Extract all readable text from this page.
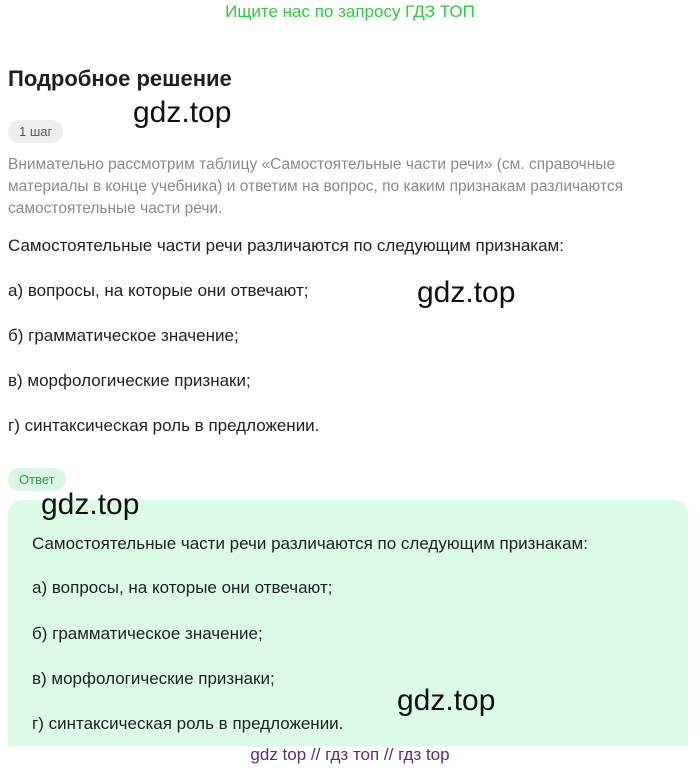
Ищите нас по запросу ГДЗ ТОП
Подробное решение
1 шаг

Внимательно рассмотрим таблицу «Самостоятельные части речи» (см. справочные материалы в конце учебника) и ответим на вопрос, по каким признакам различаются самостоятельные части речи.

Самостоятельные части речи различаются по следующим признакам:

а) вопросы, на которые они отвечают;

б) грамматическое значение;

в) морфологические признаки;

г) синтаксическая роль в предложении.

Ответ

Самостоятельные части речи различаются по следующим признакам:

а) вопросы, на которые они отвечают;

б) грамматическое значение;

в) морфологические признаки;

г) синтаксическая роль в предложении.

gdz.top
gdz.top
gdz.top
gdz.top
gdz top // гдз топ // гдз top
